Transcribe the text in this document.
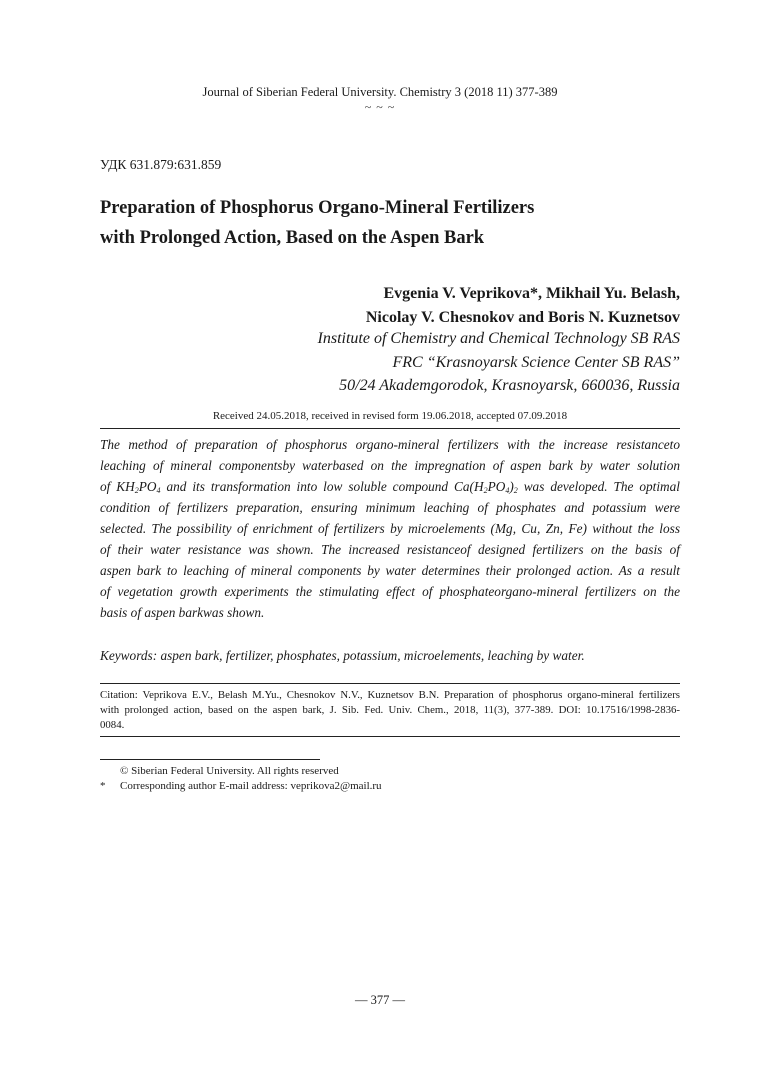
Journal of Siberian Federal University. Chemistry 3 (2018 11) 377-389
~ ~ ~
УДК 631.879:631.859
Preparation of Phosphorus Organo-Mineral Fertilizers
with Prolonged Action, Based on the Aspen Bark
Evgenia V. Veprikova*, Mikhail Yu. Belash,
Nicolay V. Chesnokov and Boris N. Kuznetsov
Institute of Chemistry and Chemical Technology SB RAS
FRC “Krasnoyarsk Science Center SB RAS”
50/24 Akademgorodok, Krasnoyarsk, 660036, Russia
Received 24.05.2018, received in revised form 19.06.2018, accepted 07.09.2018
The method of preparation of phosphorus organo-mineral fertilizers with the increase resistanceto
leaching of mineral componentsby waterbased on the impregnation of aspen bark by water solution
of $KH_2PO_4$ and its transformation into low soluble compound $Ca(H_2PO_4)_2$ was developed. The optimal
condition of fertilizers preparation, ensuring minimum leaching of phosphates and potassium were
selected. The possibility of enrichment of fertilizers by microelements (Mg, Cu, Zn, Fe) without the loss
of their water resistance was shown. The increased resistanceof designed fertilizers on the basis of
aspen bark to leaching of mineral components by water determines their prolonged action. As a result
of vegetation growth experiments the stimulating effect of phosphateorgano-mineral fertilizers on the
basis of aspen barkwas shown.
Keywords: aspen bark, fertilizer, phosphates, potassium, microelements, leaching by water.
Citation: Veprikova E.V., Belash M.Yu., Chesnokov N.V., Kuznetsov B.N. Preparation of phosphorus organo-mineral fertilizers
with prolonged action, based on the aspen bark, J. Sib. Fed. Univ. Chem., 2018, 11(3), 377-389. DOI: 10.17516/1998-2836-
0084.
© Siberian Federal University. All rights reserved
* Corresponding author E-mail address: veprikova2@mail.ru
— 377 —
